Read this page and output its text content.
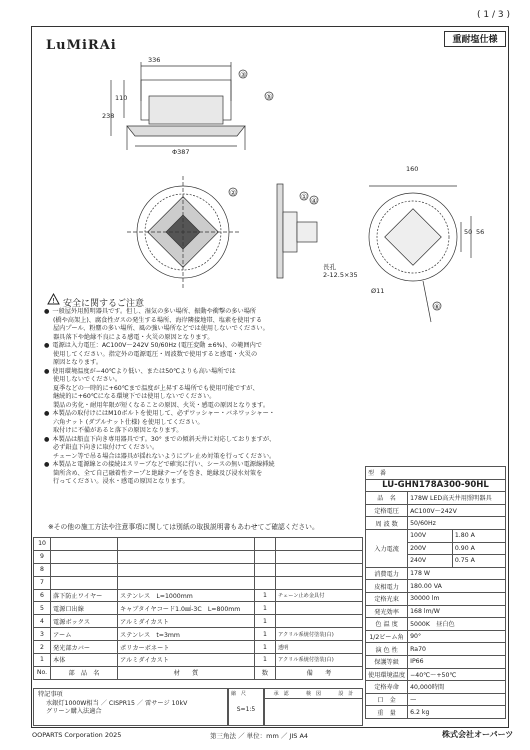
( 1 / 3 )
LuMiRAi	重耐塩仕様
③
⑤
②	① ④
⑥
336
110
238
Φ387
160
50 56
長孔
2-12.5×35
Ø11
! 安全に関するご注意
● 一般屋外用照明器具です。但し、湿気の多い場所、振動や衝撃の多い場所
(橋や高架上)、腐食性ガスの発生する場所、海岸隣接地帯、塩素を使用する
屋内プール、粉塵の多い場所、風の強い場所などでは使用しないでください。
器具落下や絶縁不良による感電・火災の原因となります。
● 電源は入力電圧：AC100V〜242V 50/60Hz (電圧変動 ±6%)、の範囲内で
使用してください。指定外の電源電圧・周波数で使用すると感電・火災の
原因となります。
● 使用環境温度が−40℃より低い、または50℃よりも高い場所では
使用しないでください。
夏季などの一時的に+60℃まで温度が上昇する場所でも使用可能ですが、
継続的に+60℃になる環境下では使用しないでください。
製品の劣化・耐用年限が短くなることの原因、火災・感電の原因となります。
● 本製品の取付けにはM10ボルトを使用して、必ずワッシャー・バネワッシャー・
六角ナット (ダブルナット仕様) を使用してください。
取付けに不備があると落下の原因となります。
● 本製品は船直下向き専用器具です。30° までの傾斜天井に対応しておりますが、
必ず鉛直下向きに取付けてください。
チェーン等で吊る場合は器具が揺れないようにブレ止め対策を行ってください。
● 本製品と電源線との接続はスリーブなどで確実に行い、シースの無い電源線挿続
箇所含め、全て自己融着性テープと絶縁テープを巻き、絶縁及び浸水対策を
行ってください。浸水・感電の原因となります。
※その他の施工方法や注意事項に関しては別紙の取扱説明書もあわせてご確認ください。
10				
9				
8				
7				
6	落下防止ワイヤー	ステンレス　L=1000mm	1	チェーン止め金具付
5	電源口出線	キャブタイヤコード1.0㎟-3C　L=800mm	1	
4	電源ボックス	アルミダイカスト	1	
3	アーム	ステンレス　t=3mm	1	アクリル系焼付塗装(白)
2	発光部カバー	ポリカーボネート	1	透明
1	本体	アルミダイカスト	1	アクリル系焼付塗装(白)
No.	部　品　名	材　　質	数	備　　考
型　番		
LU-GHN178A300-90HL		
品　名	178W LED高天井用照明器具	
定格電圧	AC100V〜242V	
周 波 数	50/60Hz	
入力電流	100V	1.80 A
	200V	0.90 A
	240V	0.75 A
消費電力	178 W	
皮相電力	180.00 VA	
定格光束	30000 lm	
発光効率	168 lm/W	
色 温 度	5000K　昼白色	
1/2ビーム角	90°	
演 色 性	Ra70	
保護等級	IP66	
使用環境温度	−40℃〜+50℃	
定格寿命	40,000時間	
口　金	—	
重　量	6.2 kg	
特記事項
水銀灯1000W相当 ／ CISPR15 ／ 雷サージ 10kV
グリーン購入法適合
縮　尺
S=1:5
承　認	検　図	設　計
OOPARTS Corporation 2025	第三角法 ／ 単位：mm ／ JIS A4	株式会社オーパーツ
